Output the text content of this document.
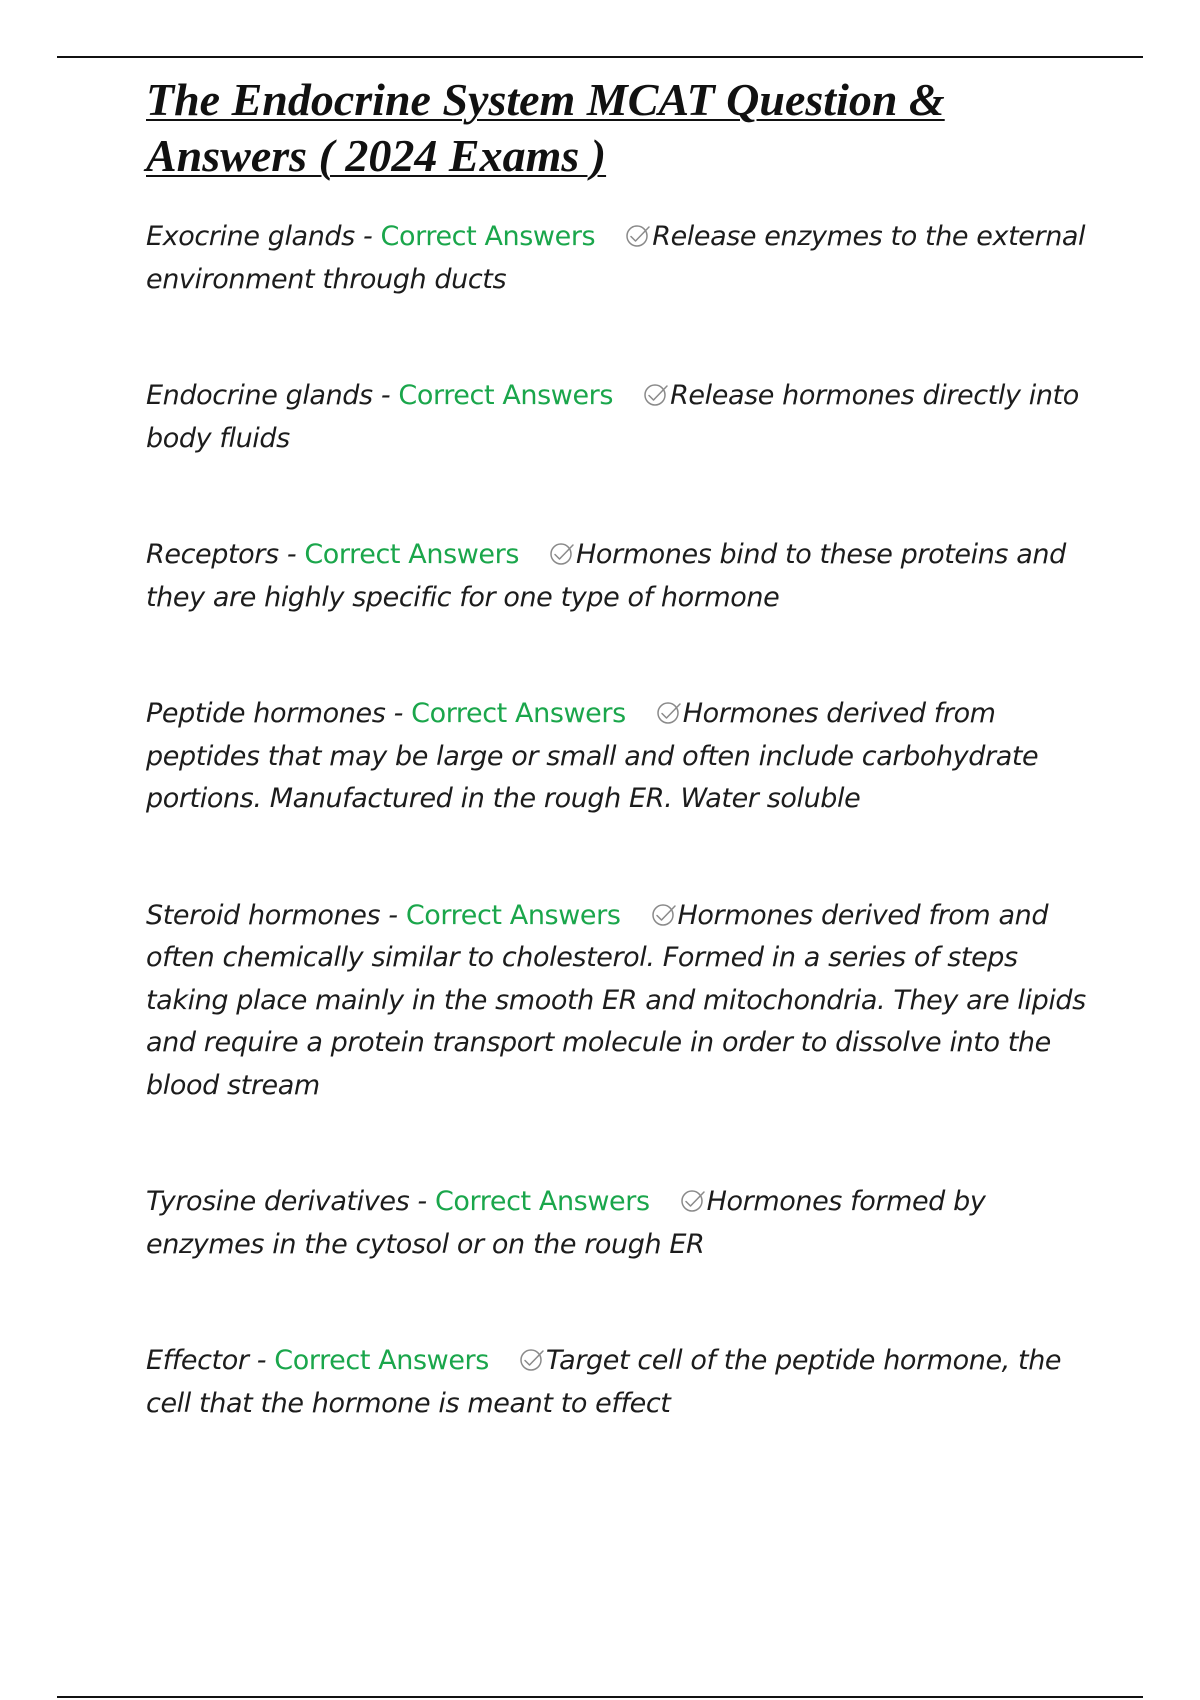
The Endocrine System MCAT Question &
Answers ( 2024 Exams )
Exocrine glands - Correct Answers Release enzymes to the external environment through ducts
Endocrine glands - Correct Answers Release hormones directly into body fluids
Receptors - Correct Answers Hormones bind to these proteins and they are highly specific for one type of hormone
Peptide hormones - Correct Answers Hormones derived from peptides that may be large or small and often include carbohydrate portions. Manufactured in the rough ER. Water soluble
Steroid hormones - Correct Answers Hormones derived from and often chemically similar to cholesterol. Formed in a series of steps taking place mainly in the smooth ER and mitochondria. They are lipids and require a protein transport molecule in order to dissolve into the blood stream
Tyrosine derivatives - Correct Answers Hormones formed by enzymes in the cytosol or on the rough ER
Effector - Correct Answers Target cell of the peptide hormone, the cell that the hormone is meant to effect
